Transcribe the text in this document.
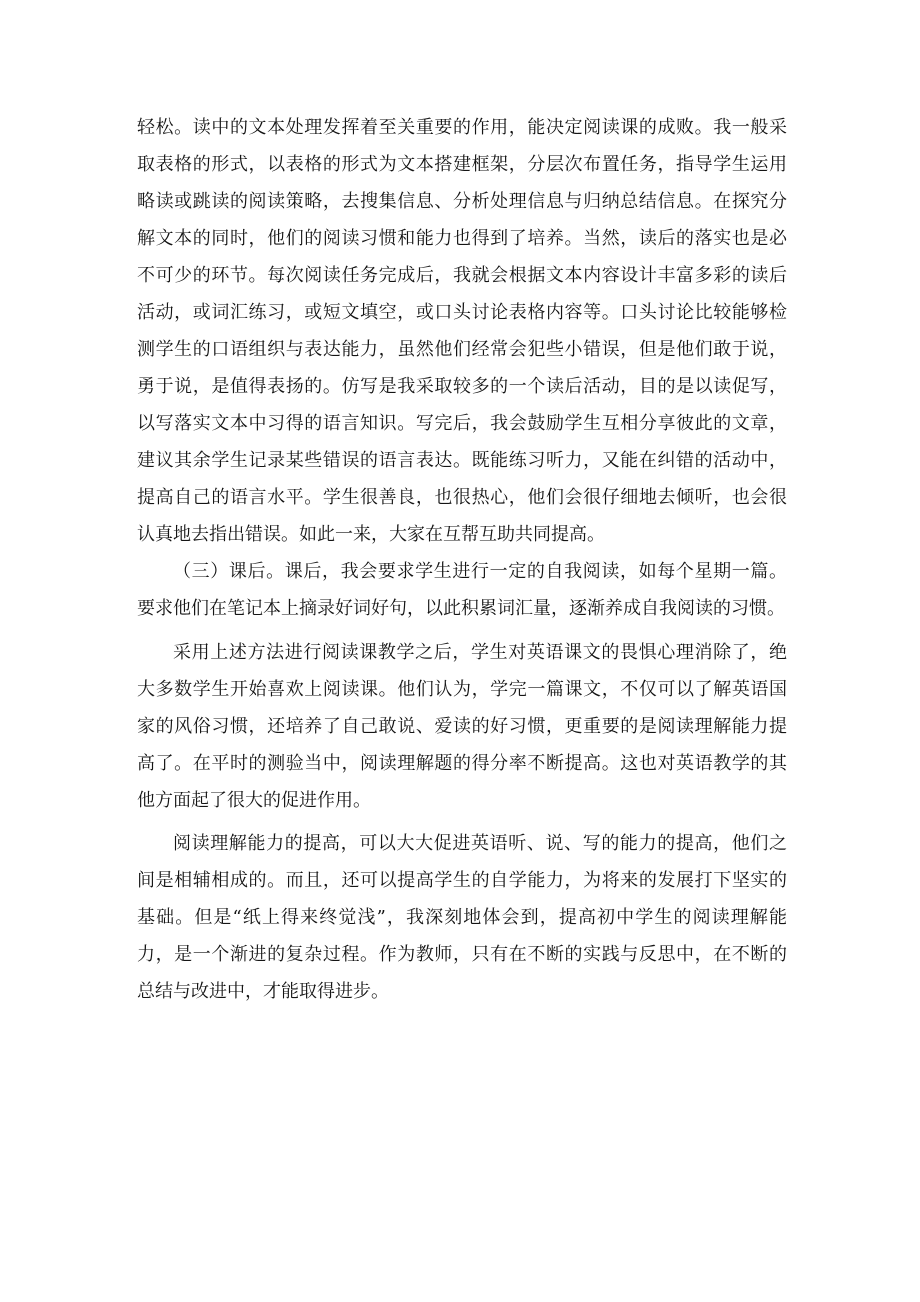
轻松。读中的文本处理发挥着至关重要的作用，能决定阅读课的成败。我一般采
取表格的形式，以表格的形式为文本搭建框架，分层次布置任务，指导学生运用
略读或跳读的阅读策略，去搜集信息、分析处理信息与归纳总结信息。在探究分
解文本的同时，他们的阅读习惯和能力也得到了培养。当然，读后的落实也是必
不可少的环节。每次阅读任务完成后，我就会根据文本内容设计丰富多彩的读后
活动，或词汇练习，或短文填空，或口头讨论表格内容等。口头讨论比较能够检
测学生的口语组织与表达能力，虽然他们经常会犯些小错误，但是他们敢于说，
勇于说，是值得表扬的。仿写是我采取较多的一个读后活动，目的是以读促写，
以写落实文本中习得的语言知识。写完后，我会鼓励学生互相分享彼此的文章，
建议其余学生记录某些错误的语言表达。既能练习听力，又能在纠错的活动中，
提高自己的语言水平。学生很善良，也很热心，他们会很仔细地去倾听，也会很
认真地去指出错误。如此一来，大家在互帮互助共同提高。
（三）课后。课后，我会要求学生进行一定的自我阅读，如每个星期一篇。
要求他们在笔记本上摘录好词好句，以此积累词汇量，逐渐养成自我阅读的习惯。
采用上述方法进行阅读课教学之后，学生对英语课文的畏惧心理消除了，绝
大多数学生开始喜欢上阅读课。他们认为，学完一篇课文，不仅可以了解英语国
家的风俗习惯，还培养了自己敢说、爱读的好习惯，更重要的是阅读理解能力提
高了。在平时的测验当中，阅读理解题的得分率不断提高。这也对英语教学的其
他方面起了很大的促进作用。
阅读理解能力的提高，可以大大促进英语听、说、写的能力的提高，他们之
间是相辅相成的。而且，还可以提高学生的自学能力，为将来的发展打下坚实的
基础。但是“纸上得来终觉浅”，我深刻地体会到，提高初中学生的阅读理解能
力，是一个渐进的复杂过程。作为教师，只有在不断的实践与反思中，在不断的
总结与改进中，才能取得进步。
